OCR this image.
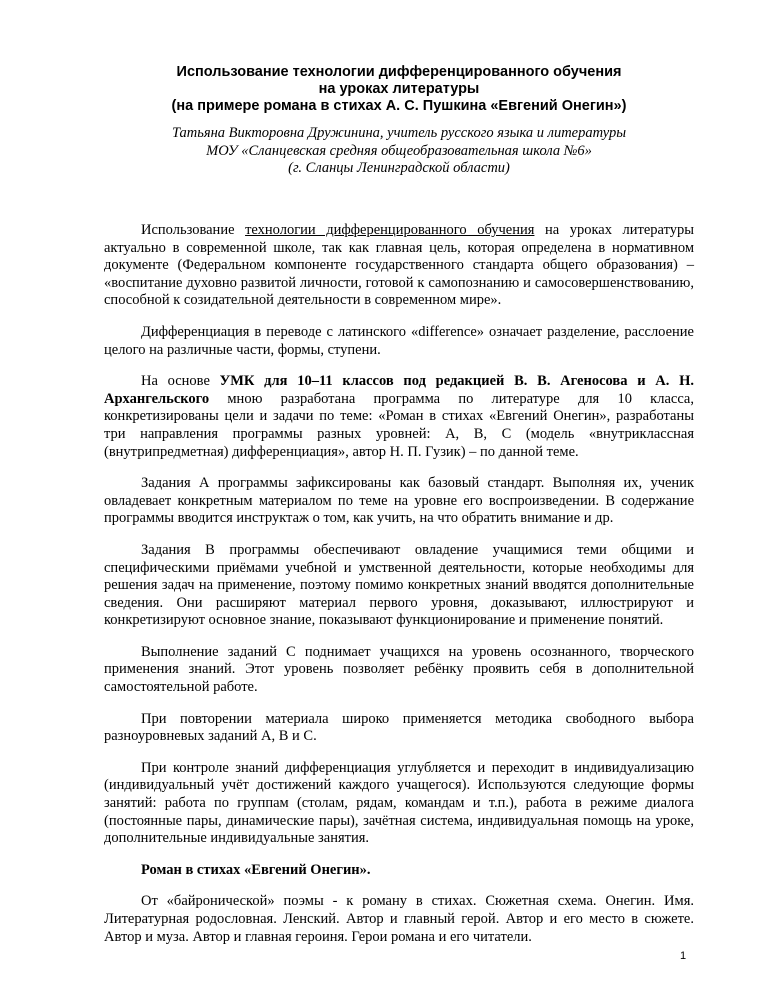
Использование технологии дифференцированного обучения
на уроках литературы
(на примере романа в стихах А. С. Пушкина «Евгений Онегин»)
Татьяна Викторовна Дружинина, учитель русского языка и литературы
МОУ «Сланцевская средняя общеобразовательная школа №6»
(г. Сланцы Ленинградской области)

Использование технологии дифференцированного обучения на уроках литературы актуально в современной школе, так как главная цель, которая определена в нормативном документе (Федеральном компоненте государственного стандарта общего образования) – «воспитание духовно развитой личности, готовой к самопознанию и самосовершенствованию, способной к созидательной деятельности в современном мире».

Дифференциация в переводе с латинского «difference» означает разделение, расслоение целого на различные части, формы, ступени.

На основе УМК для 10–11 классов под редакцией В. В. Агеносова и А. Н. Архангельского мною разработана программа по литературе для 10 класса, конкретизированы цели и задачи по теме: «Роман в стихах «Евгений Онегин», разработаны три направления программы разных уровней: А, В, С (модель «внутриклассная (внутрипредметная) дифференциация», автор Н. П. Гузик) – по данной теме.

Задания А программы зафиксированы как базовый стандарт. Выполняя их, ученик овладевает конкретным материалом по теме на уровне его воспроизведении. В содержание программы вводится инструктаж о том, как учить, на что обратить внимание и др.

Задания В программы обеспечивают овладение учащимися теми общими и специфическими приёмами учебной и умственной деятельности, которые необходимы для решения задач на применение, поэтому помимо конкретных знаний вводятся дополнительные сведения. Они расширяют материал первого уровня, доказывают, иллюстрируют и конкретизируют основное знание, показывают функционирование и применение понятий.

Выполнение заданий С поднимает учащихся на уровень осознанного, творческого применения знаний. Этот уровень позволяет ребёнку проявить себя в дополнительной самостоятельной работе.

При повторении материала широко применяется методика свободного выбора разноуровневых заданий А, В и С.

При контроле знаний дифференциация углубляется и переходит в индивидуализацию (индивидуальный учёт достижений каждого учащегося). Используются следующие формы занятий: работа по группам (столам, рядам, командам и т.п.), работа в режиме диалога (постоянные пары, динамические пары), зачётная система, индивидуальная помощь на уроке, дополнительные индивидуальные занятия.

Роман в стихах «Евгений Онегин».

От «байронической» поэмы - к роману в стихах. Сюжетная схема. Онегин. Имя. Литературная родословная. Ленский. Автор и главный герой. Автор и его место в сюжете. Автор и муза. Автор и главная героиня. Герои романа и его читатели.

1
